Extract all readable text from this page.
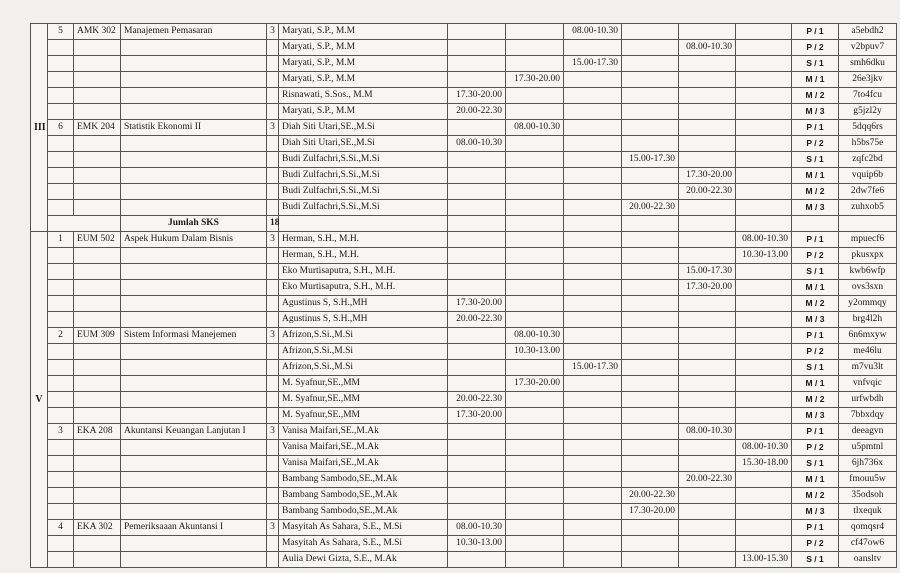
III	5	AMK 302	Manajemen Pemasaran	3	Maryati, S.P., M.M			08.00-10.30				P / 1	a5ebdh2
					Maryati, S.P., M.M					08.00-10.30		P / 2	v2bpuv7
					Maryati, S.P., M.M			15.00-17.30				S / 1	smh6dku
					Maryati, S.P., M.M		17.30-20.00					M / 1	26e3jkv
					Risnawati, S.Sos., M.M	17.30-20.00						M / 2	7to4fcu
					Maryati, S.P., M.M	20.00-22.30						M / 3	g5jzl2y
	6	EMK 204	Statistik Ekonomi II	3	Diah Siti Utari,SE.,M.Si		08.00-10.30					P / 1	5dqq6rs
					Diah Siti Utari,SE.,M.Si	08.00-10.30						P / 2	h5bs75e
					Budi Zulfachri,S.Si.,M.Si				15.00-17.30			S / 1	zqfc2bd
					Budi Zulfachri,S.Si.,M.Si					17.30-20.00		M / 1	vquip6b
					Budi Zulfachri,S.Si.,M.Si					20.00-22.30		M / 2	2dw7fe6
					Budi Zulfachri,S.Si.,M.Si				20.00-22.30			M / 3	zuhxob5
			Jumlah SKS	18									
V	1	EUM 502	Aspek Hukum Dalam Bisnis	3	Herman, S.H., M.H.						08.00-10.30	P / 1	mpuecf6
					Herman, S.H., M.H.						10.30-13.00	P / 2	pkusxpx
					Eko Murtisaputra, S.H., M.H.					15.00-17.30		S / 1	kwb6wfp
					Eko Murtisaputra, S.H., M.H.					17.30-20.00		M / 1	ovs3sxn
					Agustinus S, S.H.,MH	17.30-20.00						M / 2	y2ommqy
					Agustinus S, S.H.,MH	20.00-22.30						M / 3	brg4l2h
	2	EUM 309	Sistem Informasi Manejemen	3	Afrizon,S.Si.,M.Si		08.00-10.30					P / 1	6n6mxyw
					Afrizon,S.Si.,M.Si		10.30-13.00					P / 2	me46lu
					Afrizon,S.Si.,M.Si			15.00-17.30				S / 1	m7vu3lt
					M. Syafnur,SE.,MM		17.30-20.00					M / 1	vnfvqic
					M. Syafnur,SE.,MM	20.00-22.30						M / 2	urfwbdh
					M. Syafnur,SE.,MM	17.30-20.00						M / 3	7bbxdqy
	3	EKA 208	Akuntansi Keuangan Lanjutan I	3	Vanisa Maifari,SE.,M.Ak					08.00-10.30		P / 1	deeagvn
					Vanisa Maifari,SE.,M.Ak						08.00-10.30	P / 2	u5pmtnl
					Vanisa Maifari,SE.,M.Ak						15.30-18.00	S / 1	6jh736x
					Bambang Sambodo,SE.,M.Ak					20.00-22.30		M / 1	fmouu5w
					Bambang Sambodo,SE.,M.Ak				20.00-22.30			M / 2	35odsoh
					Bambang Sambodo,SE.,M.Ak				17.30-20.00			M / 3	tlxequk
	4	EKA 302	Pemeriksaaan Akuntansi I	3	Masyitah As Sahara, S.E., M.Si	08.00-10.30						P / 1	qomqsr4
					Masyitah As Sahara, S.E., M.Si	10.30-13.00						P / 2	cf47ow6
					Aulia Dewi Gizta, S.E., M.Ak						13.00-15.30	S / 1	oansltv
